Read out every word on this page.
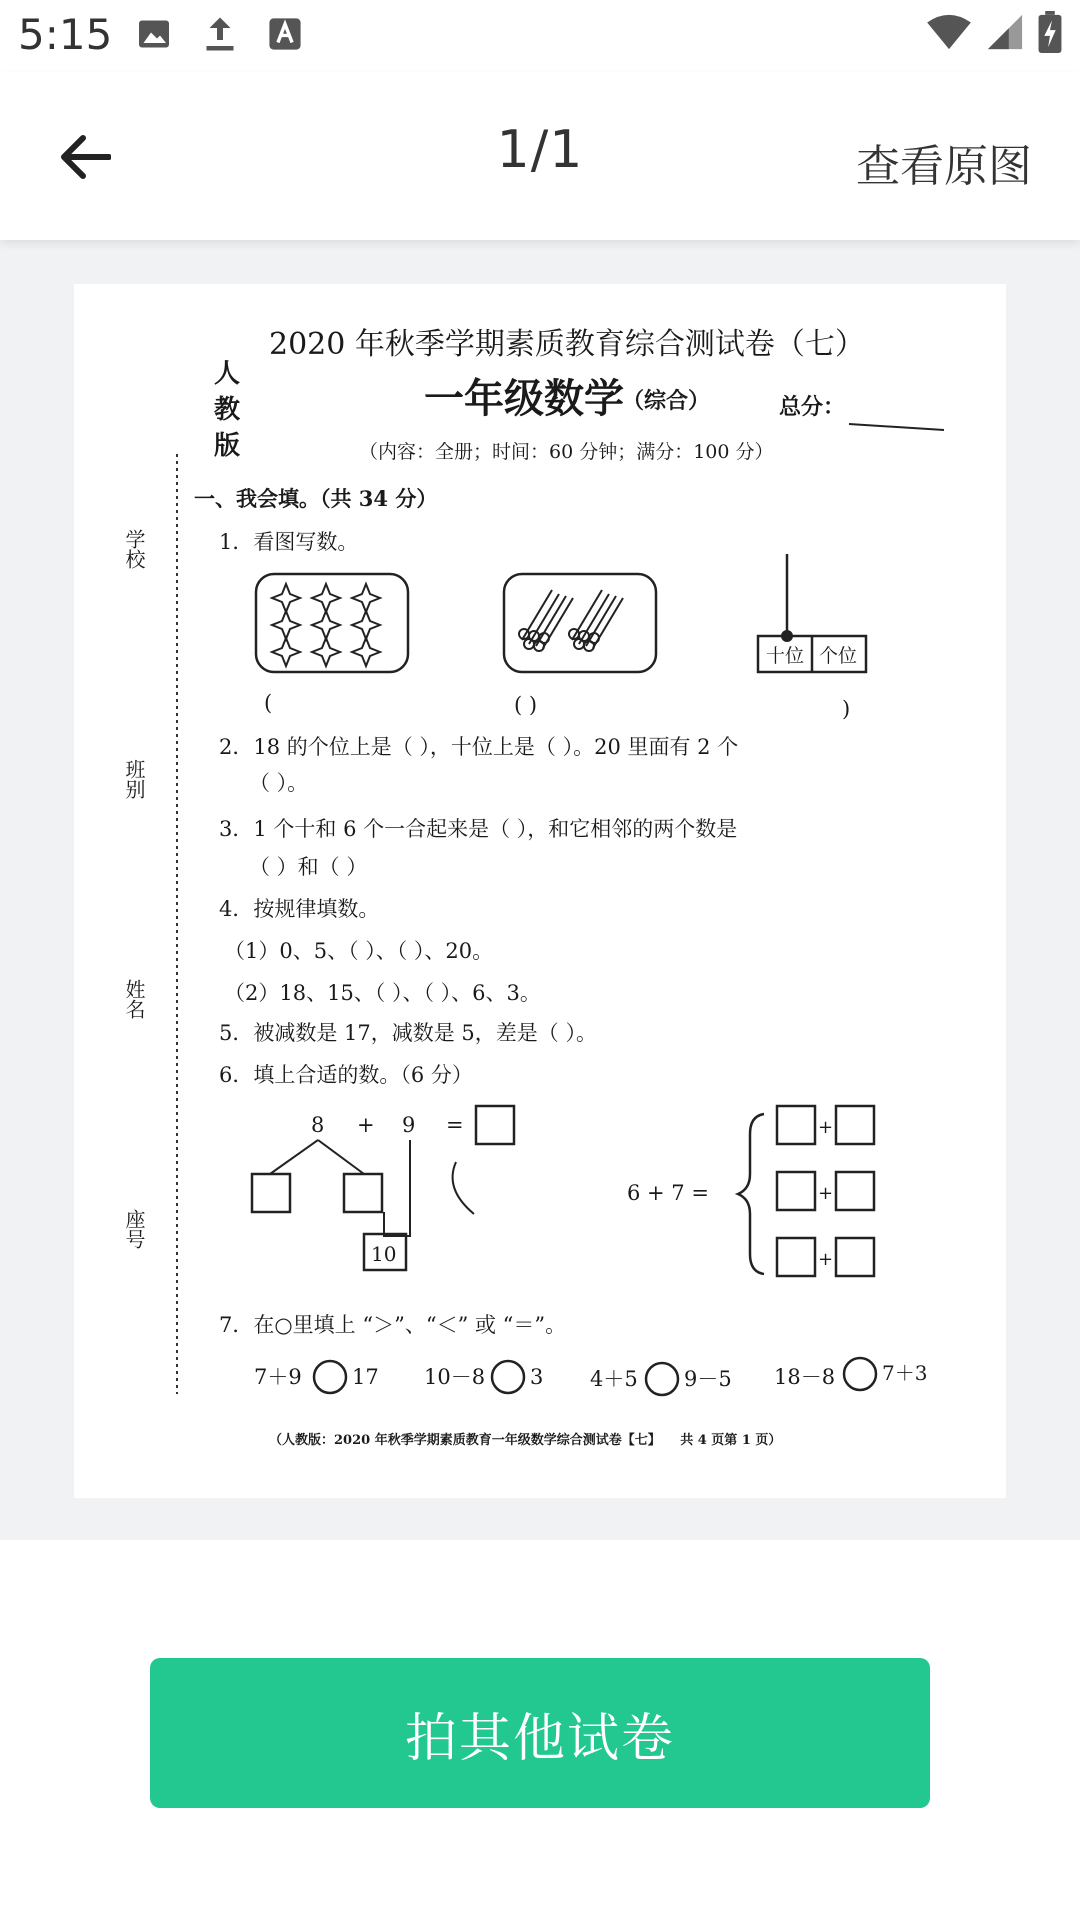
5:15
1/1	查看原图
2020 年秋季学期素质教育综合测试卷（七）
人
教
版
一年级数学
（综合）	总分：
（内容：全册；时间：60 分钟；满分：100 分）
学校
班别
姓名
座号
一、我会填。（共 34 分）
1．看图写数。
十位 个位
(	( )	)
2．18 的个位上是（ ），十位上是（ ）。20 里面有 2 个
（ ）。
3．1 个十和 6 个一合起来是（ ），和它相邻的两个数是
（ ）和（ ）
4．按规律填数。
（1）0、5、（ ）、（ ）、20。
（2）18、15、（ ）、（ ）、6、3。
5．被减数是 17，减数是 5，差是（ ）。
6．填上合适的数。（6 分）
8 + 9 =
10
6 + 7 =
+
+
+
7．在○里填上 “＞”、“＜” 或 “＝”。
7＋9 17 10－8 3 4＋5 9－5 18－8 7＋3
（人教版：2020 年秋季学期素质教育一年级数学综合测试卷【七】　　共 4 页第 1 页）
拍其他试卷
